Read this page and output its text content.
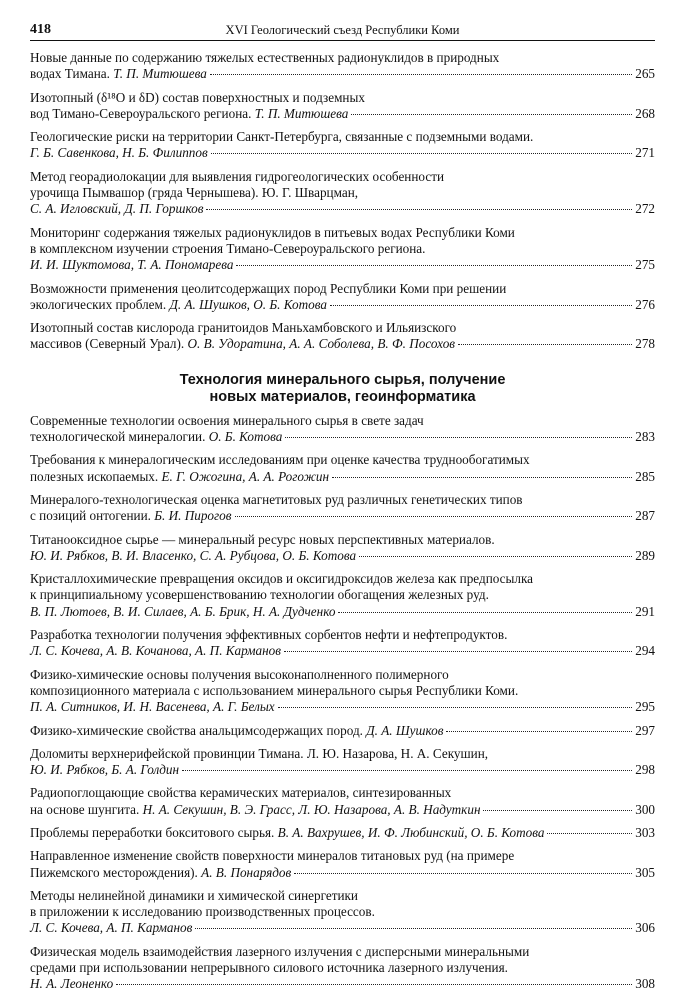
418	XVI Геологический съезд Республики Коми
Новые данные по содержанию тяжелых естественных радионуклидов в природных
водах Тимана. Т. П. Митюшева	265
Изотопный (δ¹⁸O и δD) состав поверхностных и подземных
вод Тимано-Североуральского региона. Т. П. Митюшева	268
Геологические риски на территории Санкт-Петербурга, связанные с подземными водами.
Г. Б. Савенкова, Н. Б. Филиппов	271
Метод георадиолокации для выявления гидрогеологических особенности
урочища Пымвашор (гряда Чернышева). Ю. Г. Шварцман,
С. А. Игловский, Д. П. Горшков	272
Мониторинг содержания тяжелых радионуклидов в питьевых водах Республики Коми
в комплексном изучении строения Тимано-Североуральского региона.
И. И. Шуктомова, Т. А. Пономарева	275
Возможности применения цеолитсодержащих пород Республики Коми при решении
экологических проблем. Д. А. Шушков, О. Б. Котова	276
Изотопный состав кислорода гранитоидов Маньхамбовского и Ильяизского
массивов (Северный Урал). О. В. Удоратина, А. А. Соболева, В. Ф. Посохов	278
Технология минерального сырья, получение
новых материалов, геоинформатика
Современные технологии освоения минерального сырья в свете задач
технологической минералогии. О. Б. Котова	283
Требования к минералогическим исследованиям при оценке качества труднообогатимых
полезных ископаемых. Е. Г. Ожогина, А. А. Рогожин	285
Минералого-технологическая оценка магнетитовых руд различных генетических типов
с позиций онтогении. Б. И. Пирогов	287
Титанооксидное сырье — минеральный ресурс новых перспективных материалов.
Ю. И. Рябков, В. И. Власенко, С. А. Рубцова, О. Б. Котова	289
Кристаллохимические превращения оксидов и оксигидроксидов железа как предпосылка
к принципиальному усовершенствованию технологии обогащения железных руд.
В. П. Лютоев, В. И. Силаев, А. Б. Брик, Н. А. Дудченко	291
Разработка технологии получения эффективных сорбентов нефти и нефтепродуктов.
Л. С. Кочева, А. В. Кочанова, А. П. Карманов	294
Физико-химические основы получения высоконаполненного полимерного
композиционного материала с использованием минерального сырья Республики Коми.
П. А. Ситников, И. Н. Васенева, А. Г. Белых	295
Физико-химические свойства анальцимсодержащих пород. Д. А. Шушков	297
Доломиты верхнерифейской провинции Тимана. Л. Ю. Назарова, Н. А. Секушин,
Ю. И. Рябков, Б. А. Голдин	298
Радиопоглощающие свойства керамических материалов, синтезированных
на основе шунгита. Н. А. Секушин, В. Э. Грасс, Л. Ю. Назарова, А. В. Надуткин	300
Проблемы переработки бокситового сырья. В. А. Вахрушев, И. Ф. Любинский, О. Б. Котова	303
Направленное изменение свойств поверхности минералов титановых руд (на примере
Пижемского месторождения). А. В. Понарядов	305
Методы нелинейной динамики и химической синергетики
в приложении к исследованию производственных процессов.
Л. С. Кочева, А. П. Карманов	306
Физическая модель взаимодействия лазерного излучения с дисперсными минеральными
средами при использовании непрерывного силового источника лазерного излучения.
Н. А. Леоненко	308
